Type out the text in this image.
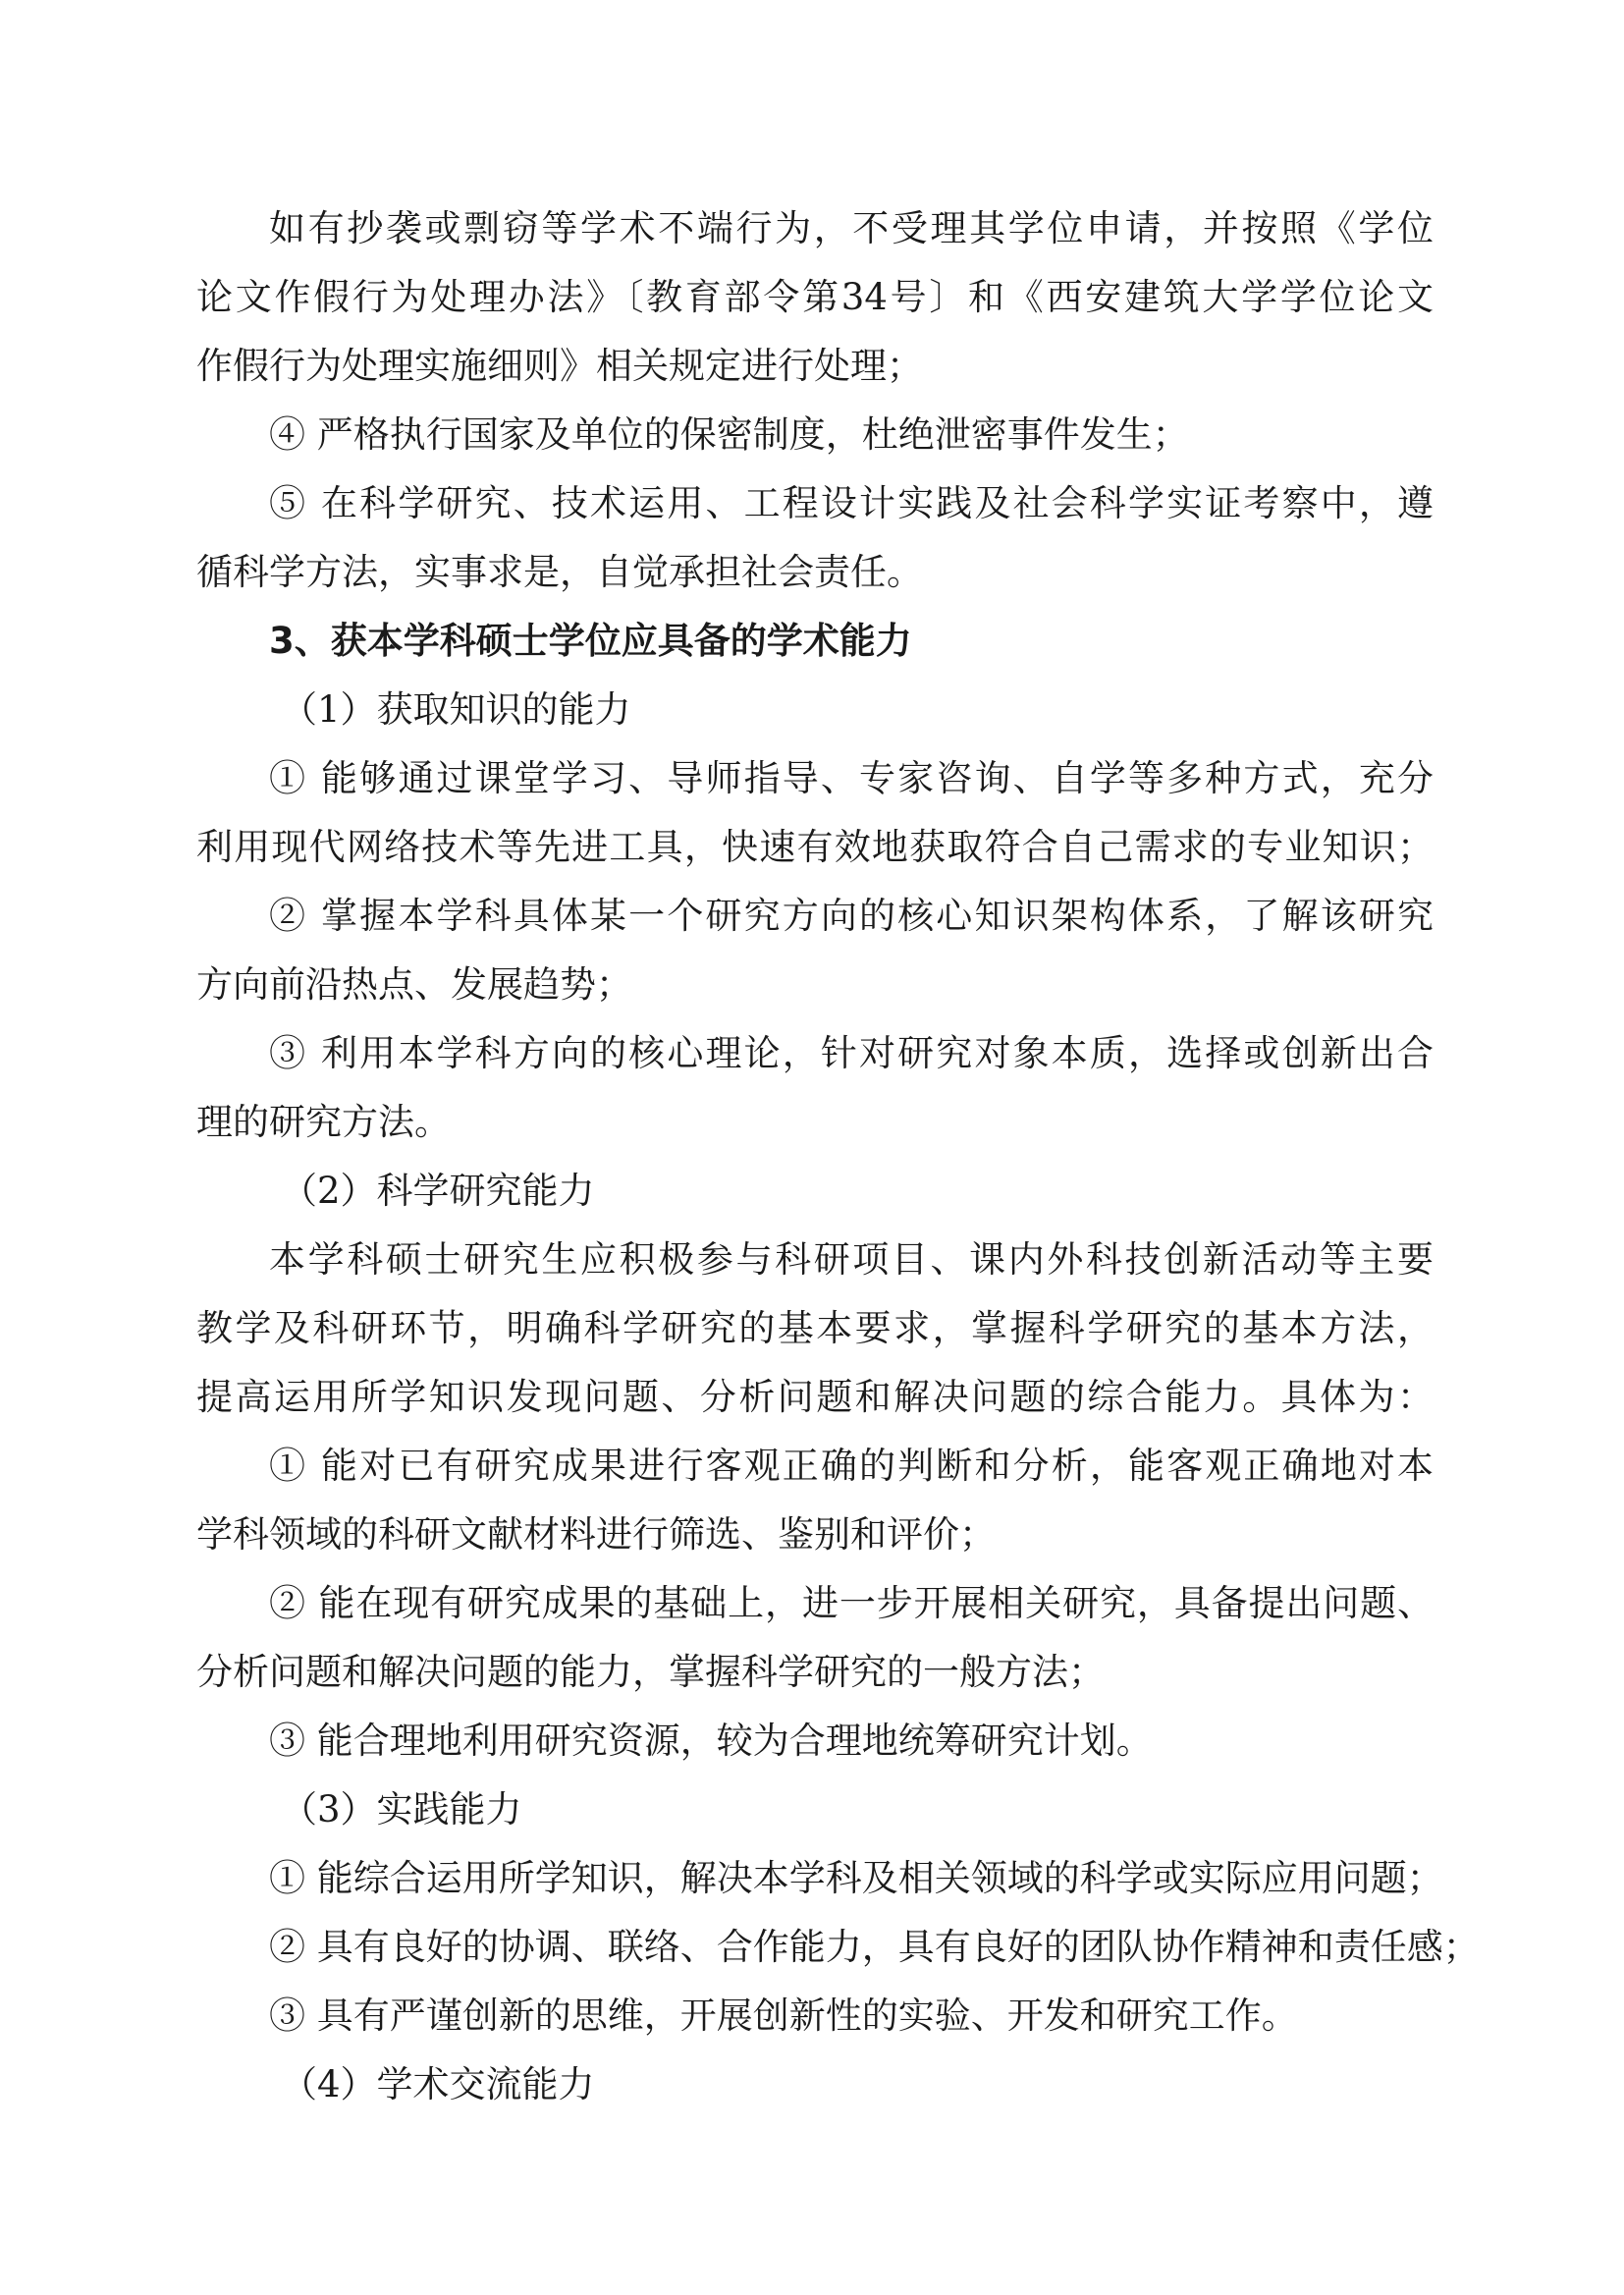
如有抄袭或剽窃等学术不端行为，不受理其学位申请，并按照《学位
论文作假行为处理办法》〔教育部令第34号〕和《西安建筑大学学位论文
作假行为处理实施细则》相关规定进行处理；
④ 严格执行国家及单位的保密制度，杜绝泄密事件发生；
⑤ 在科学研究、技术运用、工程设计实践及社会科学实证考察中，遵
循科学方法，实事求是，自觉承担社会责任。
3、获本学科硕士学位应具备的学术能力
（1）获取知识的能力
① 能够通过课堂学习、导师指导、专家咨询、自学等多种方式，充分
利用现代网络技术等先进工具，快速有效地获取符合自己需求的专业知识；
② 掌握本学科具体某一个研究方向的核心知识架构体系，了解该研究
方向前沿热点、发展趋势；
③ 利用本学科方向的核心理论，针对研究对象本质，选择或创新出合
理的研究方法。
（2）科学研究能力
本学科硕士研究生应积极参与科研项目、课内外科技创新活动等主要
教学及科研环节，明确科学研究的基本要求，掌握科学研究的基本方法，
提高运用所学知识发现问题、分析问题和解决问题的综合能力。具体为：
① 能对已有研究成果进行客观正确的判断和分析，能客观正确地对本
学科领域的科研文献材料进行筛选、鉴别和评价；
② 能在现有研究成果的基础上，进一步开展相关研究，具备提出问题、
分析问题和解决问题的能力，掌握科学研究的一般方法；
③ 能合理地利用研究资源，较为合理地统筹研究计划。
（3）实践能力
① 能综合运用所学知识，解决本学科及相关领域的科学或实际应用问题；
② 具有良好的协调、联络、合作能力，具有良好的团队协作精神和责任感；
③ 具有严谨创新的思维，开展创新性的实验、开发和研究工作。
（4）学术交流能力
